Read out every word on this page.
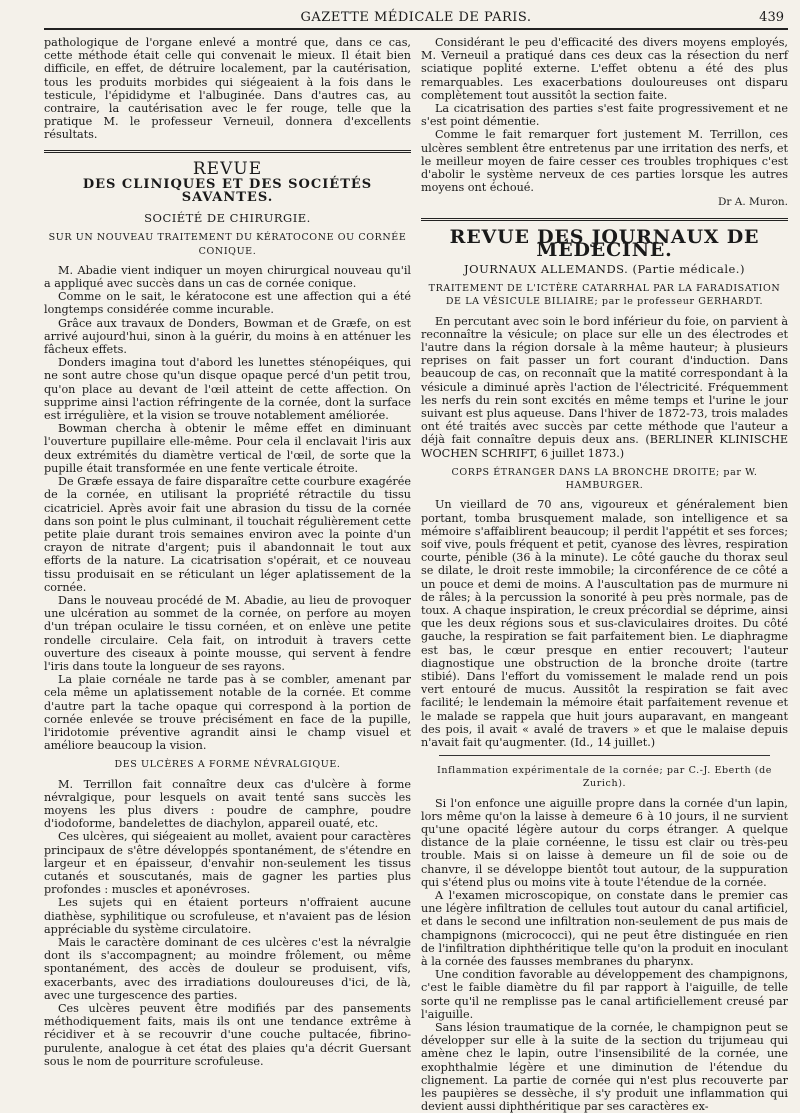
GAZETTE MÉDICALE DE PARIS.	439

pathologique de l'organe enlevé a montré que, dans ce cas, cette méthode était celle qui convenait le mieux. Il était bien difficile, en effet, de détruire localement, par la cautérisation, tous les produits morbides qui siégeaient à la fois dans le testicule, l'épididyme et l'albuginée. Dans d'autres cas, au contraire, la cautérisation avec le fer rouge, telle que la pratique M. le professeur Verneuil, donnera d'excellents résultats.

REVUE
DES CLINIQUES ET DES SOCIÉTÉS SAVANTES.
SOCIÉTÉ DE CHIRURGIE.
SUR UN NOUVEAU TRAITEMENT DU KÉRATOCONE OU CORNÉE CONIQUE.

M. Abadie vient indiquer un moyen chirurgical nouveau qu'il a appliqué avec succès dans un cas de cornée conique.

Comme on le sait, le kératocone est une affection qui a été longtemps considérée comme incurable.

Grâce aux travaux de Donders, Bowman et de Græfe, on est arrivé aujourd'hui, sinon à la guérir, du moins à en atténuer les fâcheux effets.

Donders imagina tout d'abord les lunettes sténopéiques, qui ne sont autre chose qu'un disque opaque percé d'un petit trou, qu'on place au devant de l'œil atteint de cette affection. On supprime ainsi l'action réfringente de la cornée, dont la surface est irrégulière, et la vision se trouve notablement améliorée.

Bowman chercha à obtenir le même effet en diminuant l'ouverture pupillaire elle-même. Pour cela il enclavait l'iris aux deux extrémités du diamètre vertical de l'œil, de sorte que la pupille était transformée en une fente verticale étroite.

De Græfe essaya de faire disparaître cette courbure exagérée de la cornée, en utilisant la propriété rétractile du tissu cicatriciel. Après avoir fait une abrasion du tissu de la cornée dans son point le plus culminant, il touchait régulièrement cette petite plaie durant trois semaines environ avec la pointe d'un crayon de nitrate d'argent; puis il abandonnait le tout aux efforts de la nature. La cicatrisation s'opérait, et ce nouveau tissu produisait en se réticulant un léger aplatissement de la cornée.

Dans le nouveau procédé de M. Abadie, au lieu de provoquer une ulcération au sommet de la cornée, on perfore au moyen d'un trépan oculaire le tissu cornéen, et on enlève une petite rondelle circulaire. Cela fait, on introduit à travers cette ouverture des ciseaux à pointe mousse, qui servent à fendre l'iris dans toute la longueur de ses rayons.

La plaie cornéale ne tarde pas à se combler, amenant par cela même un aplatissement notable de la cornée. Et comme d'autre part la tache opaque qui correspond à la portion de cornée enlevée se trouve précisément en face de la pupille, l'iridotomie préventive agrandit ainsi le champ visuel et améliore beaucoup la vision.

DES ULCÈRES A FORME NÉVRALGIQUE.

M. Terrillon fait connaître deux cas d'ulcère à forme névralgique, pour lesquels on avait tenté sans succès les moyens les plus divers : poudre de camphre, poudre d'iodoforme, bandelettes de diachylon, appareil ouaté, etc.

Ces ulcères, qui siégeaient au mollet, avaient pour caractères principaux de s'être développés spontanément, de s'étendre en largeur et en épaisseur, d'envahir non-seulement les tissus cutanés et souscutanés, mais de gagner les parties plus profondes : muscles et aponévroses.

Les sujets qui en étaient porteurs n'offraient aucune diathèse, syphilitique ou scrofuleuse, et n'avaient pas de lésion appréciable du système circulatoire.

Mais le caractère dominant de ces ulcères c'est la névralgie dont ils s'accompagnent; au moindre frôlement, ou même spontanément, des accès de douleur se produisent, vifs, exacerbants, avec des irradiations douloureuses d'ici, de là, avec une turgescence des parties.

Ces ulcères peuvent être modifiés par des pansements méthodiquement faits, mais ils ont une tendance extrême à récidiver et à se recouvrir d'une couche pultacée, fibrino-purulente, analogue à cet état des plaies qu'a décrit Guersant sous le nom de pourriture scrofuleuse.

Considérant le peu d'efficacité des divers moyens employés, M. Verneuil a pratiqué dans ces deux cas la résection du nerf sciatique poplité externe. L'effet obtenu a été des plus remarquables. Les exacerbations douloureuses ont disparu complètement tout aussitôt la section faite.

La cicatrisation des parties s'est faite progressivement et ne s'est point démentie.

Comme le fait remarquer fort justement M. Terrillon, ces ulcères semblent être entretenus par une irritation des nerfs, et le meilleur moyen de faire cesser ces troubles trophiques c'est d'abolir le système nerveux de ces parties lorsque les autres moyens ont échoué.

Dr A. Muron.
REVUE DES JOURNAUX DE MÉDECINE.
JOURNAUX ALLEMANDS. (Partie médicale.)
TRAITEMENT DE L'ICTÈRE CATARRHAL PAR LA FARADISATION DE LA VÉSICULE BILIAIRE; par le professeur GERHARDT.

En percutant avec soin le bord inférieur du foie, on parvient à reconnaître la vésicule; on place sur elle un des électrodes et l'autre dans la région dorsale à la même hauteur; à plusieurs reprises on fait passer un fort courant d'induction. Dans beaucoup de cas, on reconnaît que la matité correspondant à la vésicule a diminué après l'action de l'électricité. Fréquemment les nerfs du rein sont excités en même temps et l'urine le jour suivant est plus aqueuse. Dans l'hiver de 1872-73, trois malades ont été traités avec succès par cette méthode que l'auteur a déjà fait connaître depuis deux ans. (BERLINER KLINISCHE WOCHEN SCHRIFT, 6 juillet 1873.)

CORPS ÉTRANGER DANS LA BRONCHE DROITE; par W. HAMBURGER.

Un vieillard de 70 ans, vigoureux et généralement bien portant, tomba brusquement malade, son intelligence et sa mémoire s'affaiblirent beaucoup; il perdit l'appétit et ses forces; soif vive, pouls fréquent et petit, cyanose des lèvres, respiration courte, pénible (36 à la minute). Le côté gauche du thorax seul se dilate, le droit reste immobile; la circonférence de ce côté a un pouce et demi de moins. A l'auscultation pas de murmure ni de râles; à la percussion la sonorité à peu près normale, pas de toux. A chaque inspiration, le creux précordial se déprime, ainsi que les deux régions sous et sus-claviculaires droites. Du côté gauche, la respiration se fait parfaitement bien. Le diaphragme est bas, le cœur presque en entier recouvert; l'auteur diagnostique une obstruction de la bronche droite (tartre stibié). Dans l'effort du vomissement le malade rend un pois vert entouré de mucus. Aussitôt la respiration se fait avec facilité; le lendemain la mémoire était parfaitement revenue et le malade se rappela que huit jours auparavant, en mangeant des pois, il avait « avalé de travers » et que le malaise depuis n'avait fait qu'augmenter. (Id., 14 juillet.)

Inflammation expérimentale de la cornée; par C.-J. Eberth (de Zurich).

Si l'on enfonce une aiguille propre dans la cornée d'un lapin, lors même qu'on la laisse à demeure 6 à 10 jours, il ne survient qu'une opacité légère autour du corps étranger. A quelque distance de la plaie cornéenne, le tissu est clair ou très-peu trouble. Mais si on laisse à demeure un fil de soie ou de chanvre, il se développe bientôt tout autour, de la suppuration qui s'étend plus ou moins vite à toute l'étendue de la cornée.

A l'examen microscopique, on constate dans le premier cas une légère infiltration de cellules tout autour du canal artificiel, et dans le second une infiltration non-seulement de pus mais de champignons (micrococci), qui ne peut être distinguée en rien de l'infiltration diphthéritique telle qu'on la produit en inoculant à la cornée des fausses membranes du pharynx.

Une condition favorable au développement des champignons, c'est le faible diamètre du fil par rapport à l'aiguille, de telle sorte qu'il ne remplisse pas le canal artificiellement creusé par l'aiguille.

Sans lésion traumatique de la cornée, le champignon peut se développer sur elle à la suite de la section du trijumeau qui amène chez le lapin, outre l'insensibilité de la cornée, une exophthalmie légère et une diminution de l'étendue du clignement. La partie de cornée qui n'est plus recouverte par les paupières se dessèche, il s'y produit une inflammation qui devient aussi diphthéritique par ses caractères ex-
